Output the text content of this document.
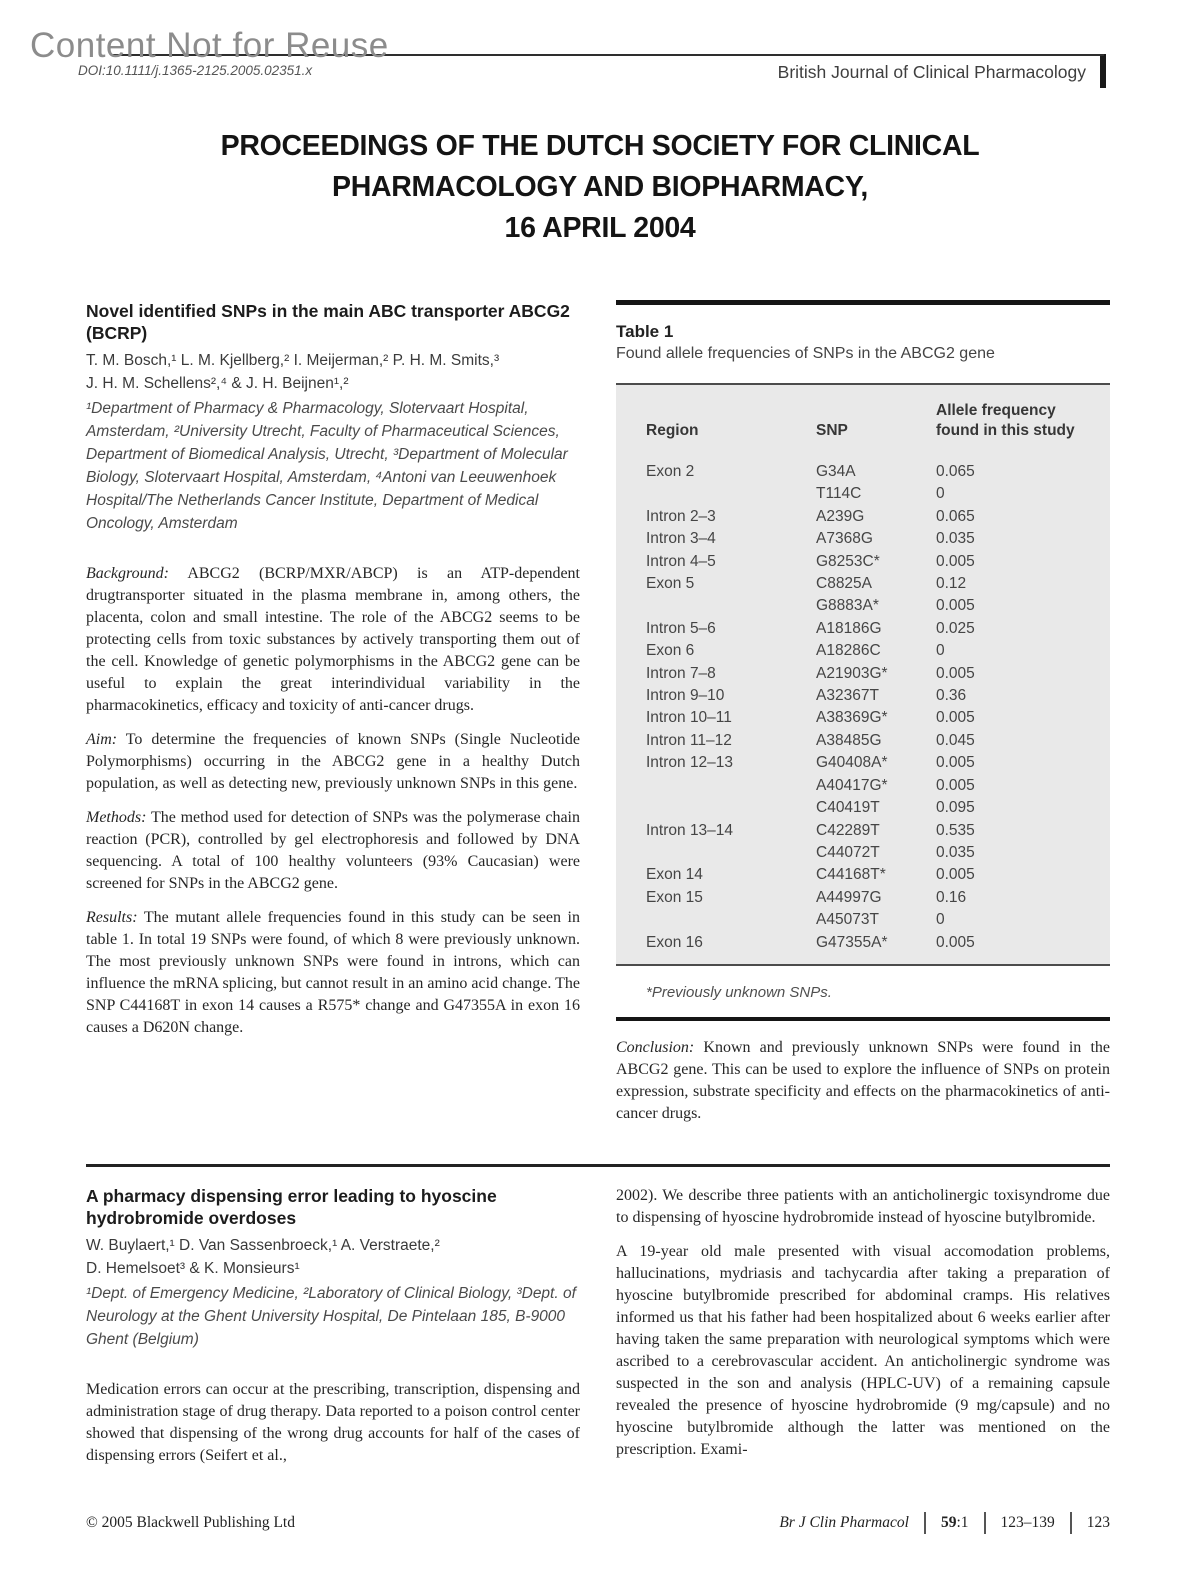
Content Not for Reuse
DOI:10.1111/j.1365-2125.2005.02351.x	British Journal of Clinical Pharmacology
PROCEEDINGS OF THE DUTCH SOCIETY FOR CLINICAL
PHARMACOLOGY AND BIOPHARMACY,
16 APRIL 2004
Novel identified SNPs in the main ABC transporter ABCG2 (BCRP)
T. M. Bosch,¹ L. M. Kjellberg,² I. Meijerman,² P. H. M. Smits,³
J. H. M. Schellens²,⁴ & J. H. Beijnen¹,²
¹Department of Pharmacy & Pharmacology, Slotervaart Hospital, Amsterdam, ²University Utrecht, Faculty of Pharmaceutical Sciences, Department of Biomedical Analysis, Utrecht, ³Department of Molecular Biology, Slotervaart Hospital, Amsterdam, ⁴Antoni van Leeuwenhoek Hospital/The Netherlands Cancer Institute, Department of Medical Oncology, Amsterdam

Background: ABCG2 (BCRP/MXR/ABCP) is an ATP-dependent drugtransporter situated in the plasma membrane in, among others, the placenta, colon and small intestine. The role of the ABCG2 seems to be protecting cells from toxic substances by actively transporting them out of the cell. Knowledge of genetic polymorphisms in the ABCG2 gene can be useful to explain the great interindividual variability in the pharmacokinetics, efficacy and toxicity of anti-cancer drugs.

Aim: To determine the frequencies of known SNPs (Single Nucleotide Polymorphisms) occurring in the ABCG2 gene in a healthy Dutch population, as well as detecting new, previously unknown SNPs in this gene.

Methods: The method used for detection of SNPs was the polymerase chain reaction (PCR), controlled by gel electrophoresis and followed by DNA sequencing. A total of 100 healthy volunteers (93% Caucasian) were screened for SNPs in the ABCG2 gene.

Results: The mutant allele frequencies found in this study can be seen in table 1. In total 19 SNPs were found, of which 8 were previously unknown. The most previously unknown SNPs were found in introns, which can influence the mRNA splicing, but cannot result in an amino acid change. The SNP C44168T in exon 14 causes a R575* change and G47355A in exon 16 causes a D620N change.

Table 1
Found allele frequencies of SNPs in the ABCG2 gene
Region	SNP	Allele frequency found in this study
Exon 2	G34A	0.065
	T114C	0
Intron 2–3	A239G	0.065
Intron 3–4	A7368G	0.035
Intron 4–5	G8253C*	0.005
Exon 5	C8825A	0.12
	G8883A*	0.005
Intron 5–6	A18186G	0.025
Exon 6	A18286C	0
Intron 7–8	A21903G*	0.005
Intron 9–10	A32367T	0.36
Intron 10–11	A38369G*	0.005
Intron 11–12	A38485G	0.045
Intron 12–13	G40408A*	0.005
	A40417G*	0.005
	C40419T	0.095
Intron 13–14	C42289T	0.535
	C44072T	0.035
Exon 14	C44168T*	0.005
Exon 15	A44997G	0.16
	A45073T	0
Exon 16	G47355A*	0.005
*Previously unknown SNPs.

Conclusion: Known and previously unknown SNPs were found in the ABCG2 gene. This can be used to explore the influence of SNPs on protein expression, substrate specificity and effects on the pharmacokinetics of anti-cancer drugs.

A pharmacy dispensing error leading to hyoscine hydrobromide overdoses
W. Buylaert,¹ D. Van Sassenbroeck,¹ A. Verstraete,²
D. Hemelsoet³ & K. Monsieurs¹
¹Dept. of Emergency Medicine, ²Laboratory of Clinical Biology, ³Dept. of Neurology at the Ghent University Hospital, De Pintelaan 185, B-9000 Ghent (Belgium)

Medication errors can occur at the prescribing, transcription, dispensing and administration stage of drug therapy. Data reported to a poison control center showed that dispensing of the wrong drug accounts for half of the cases of dispensing errors (Seifert et al.,

2002). We describe three patients with an anticholinergic toxisyndrome due to dispensing of hyoscine hydrobromide instead of hyoscine butylbromide.

A 19-year old male presented with visual accomodation problems, hallucinations, mydriasis and tachycardia after taking a preparation of hyoscine butylbromide prescribed for abdominal cramps. His relatives informed us that his father had been hospitalized about 6 weeks earlier after having taken the same preparation with neurological symptoms which were ascribed to a cerebrovascular accident. An anticholinergic syndrome was suspected in the son and analysis (HPLC-UV) of a remaining capsule revealed the presence of hyoscine hydrobromide (9 mg/capsule) and no hyoscine butylbromide although the latter was mentioned on the prescription. Exami-

© 2005 Blackwell Publishing Ltd	Br J Clin Pharmacol 59:1 123–139 123
